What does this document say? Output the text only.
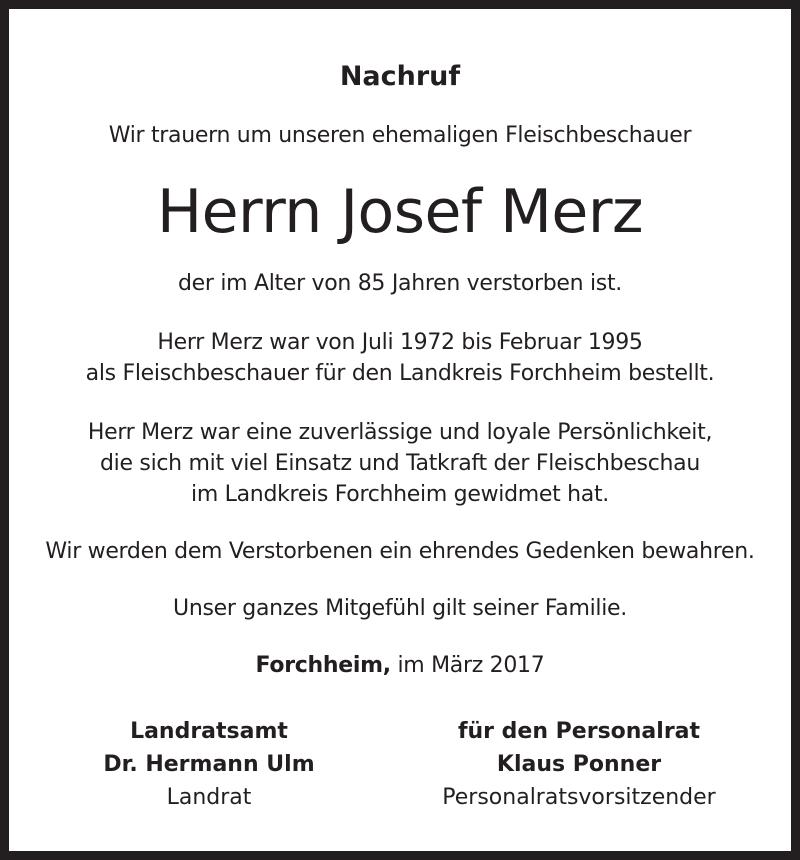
Nachruf
Wir trauern um unseren ehemaligen Fleischbeschauer
Herrn Josef Merz
der im Alter von 85 Jahren verstorben ist.
Herr Merz war von Juli 1972 bis Februar 1995
als Fleischbeschauer für den Landkreis Forchheim bestellt.
Herr Merz war eine zuverlässige und loyale Persönlichkeit,
die sich mit viel Einsatz und Tatkraft der Fleischbeschau
im Landkreis Forchheim gewidmet hat.
Wir werden dem Verstorbenen ein ehrendes Gedenken bewahren.
Unser ganzes Mitgefühl gilt seiner Familie.
Forchheim, im März 2017
Landratsamt
Dr. Hermann Ulm
Landrat
für den Personalrat
Klaus Ponner
Personalratsvorsitzender
